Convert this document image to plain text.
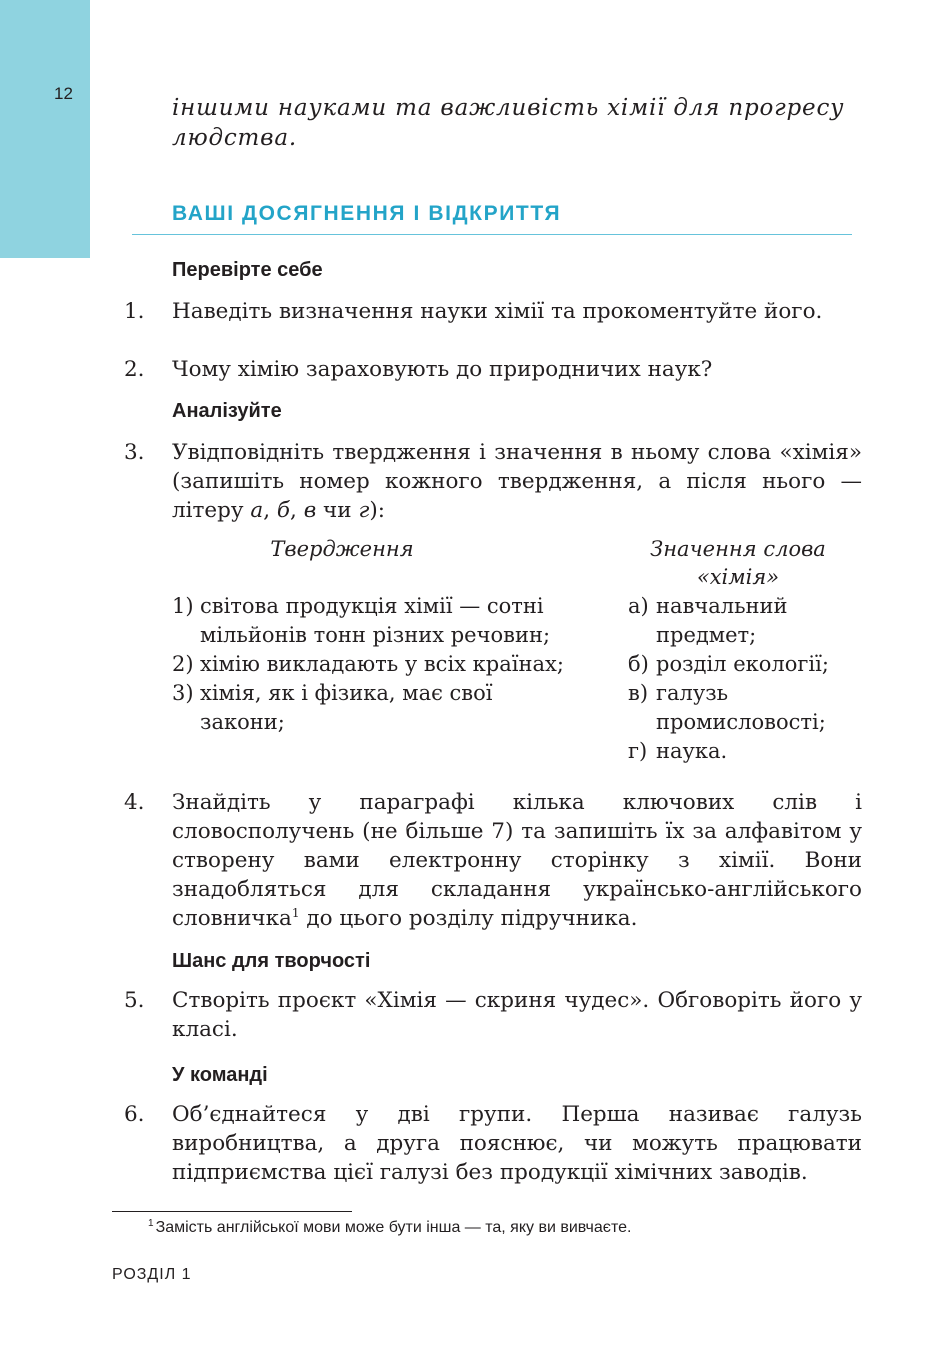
12
іншими науками та важливість хімії для прогресу людства.
ВАШІ ДОСЯГНЕННЯ І ВІДКРИТТЯ
Перевірте себе
1.	Наведіть визначення науки хімії та прокоментуйте його.
2.	Чому хімію зараховують до природничих наук?
Аналізуйте
3.	Увідповідніть твердження і значення в ньому слова «хімія» (запишіть номер кожного твердження, а після нього — літеру а, б, в чи г):
Твердження	Значення слова
«хімія»
1) світова продукція хімії — сотні мільйонів тонн різних речовин;
2) хімію викладають у всіх країнах;
3) хімія, як і фізика, має свої закони;
а) навчальний предмет;
б) розділ екології;
в) галузь промисловості;
г) наука.
4.	Знайдіть у параграфі кілька ключових слів і словосполучень (не більше 7) та запишіть їх за алфавітом у створену вами електронну сторінку з хімії. Вони знадобляться для складання українсько-англійського словничка$^1$ до цього розділу підручника.
Шанс для творчості
5.	Створіть проєкт «Хімія — скриня чудес». Обговоріть його у класі.
У команді
6.	Об’єднайтеся у дві групи. Перша називає галузь виробництва, а друга пояснює, чи можуть працювати підприємства цієї галузі без продукції хімічних заводів.
$^1$ Замість англійської мови може бути інша — та, яку ви вивчаєте.
РОЗДІЛ 1
